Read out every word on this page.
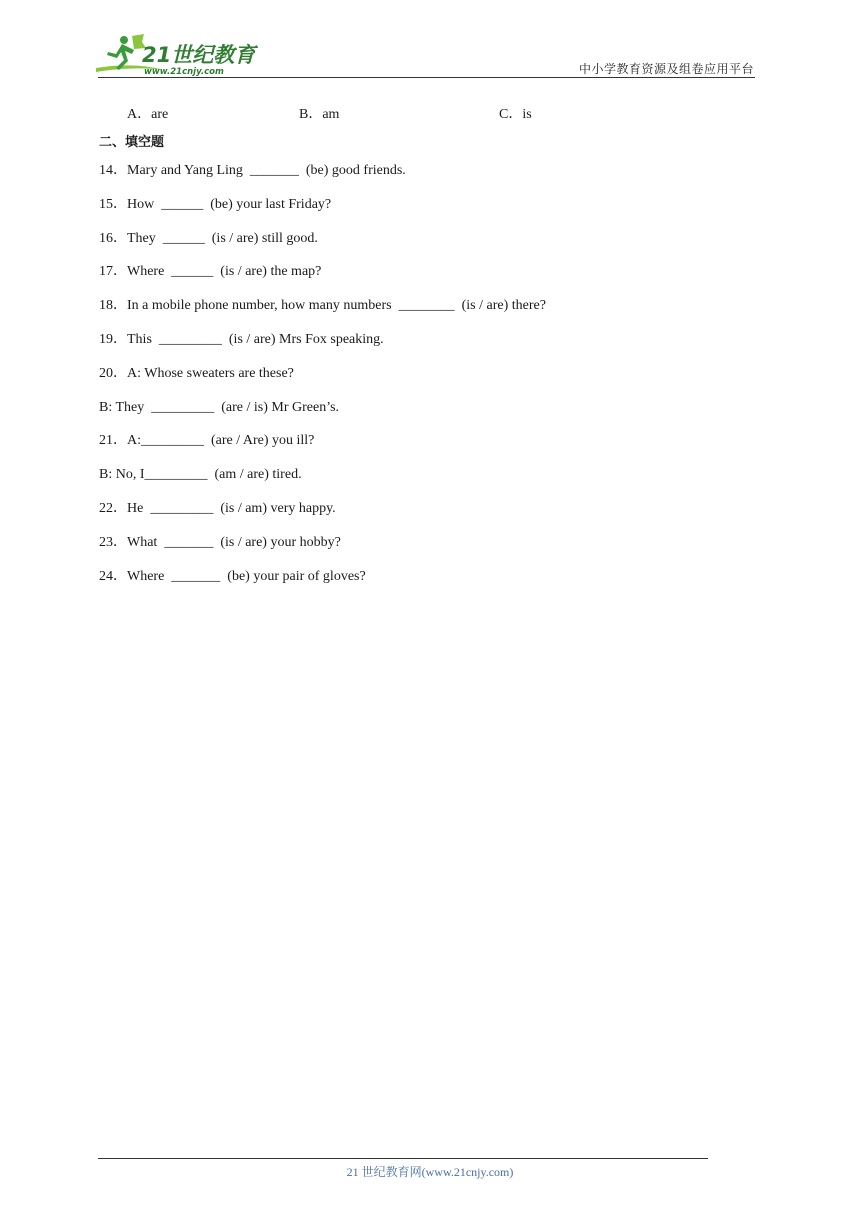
21世纪教育
www.21cnjy.com	中小学教育资源及组卷应用平台
A．are	B．am	C．is
二、填空题
14．Mary and Yang Ling  _______  (be) good friends.
15．How  ______  (be) your last Friday?
16．They  ______  (is / are) still good.
17．Where  ______  (is / are) the map?
18．In a mobile phone number, how many numbers  ________  (is / are) there?
19．This  _________  (is / are) Mrs Fox speaking.
20．A: Whose sweaters are these?
B: They  _________  (are / is) Mr Green’s.
21．A:_________  (are / Are) you ill?
B: No, I_________  (am / are) tired.
22．He  _________  (is / am) very happy.
23．What  _______  (is / are) your hobby?
24．Where  _______  (be) your pair of gloves?
21 世纪教育网(www.21cnjy.com)
